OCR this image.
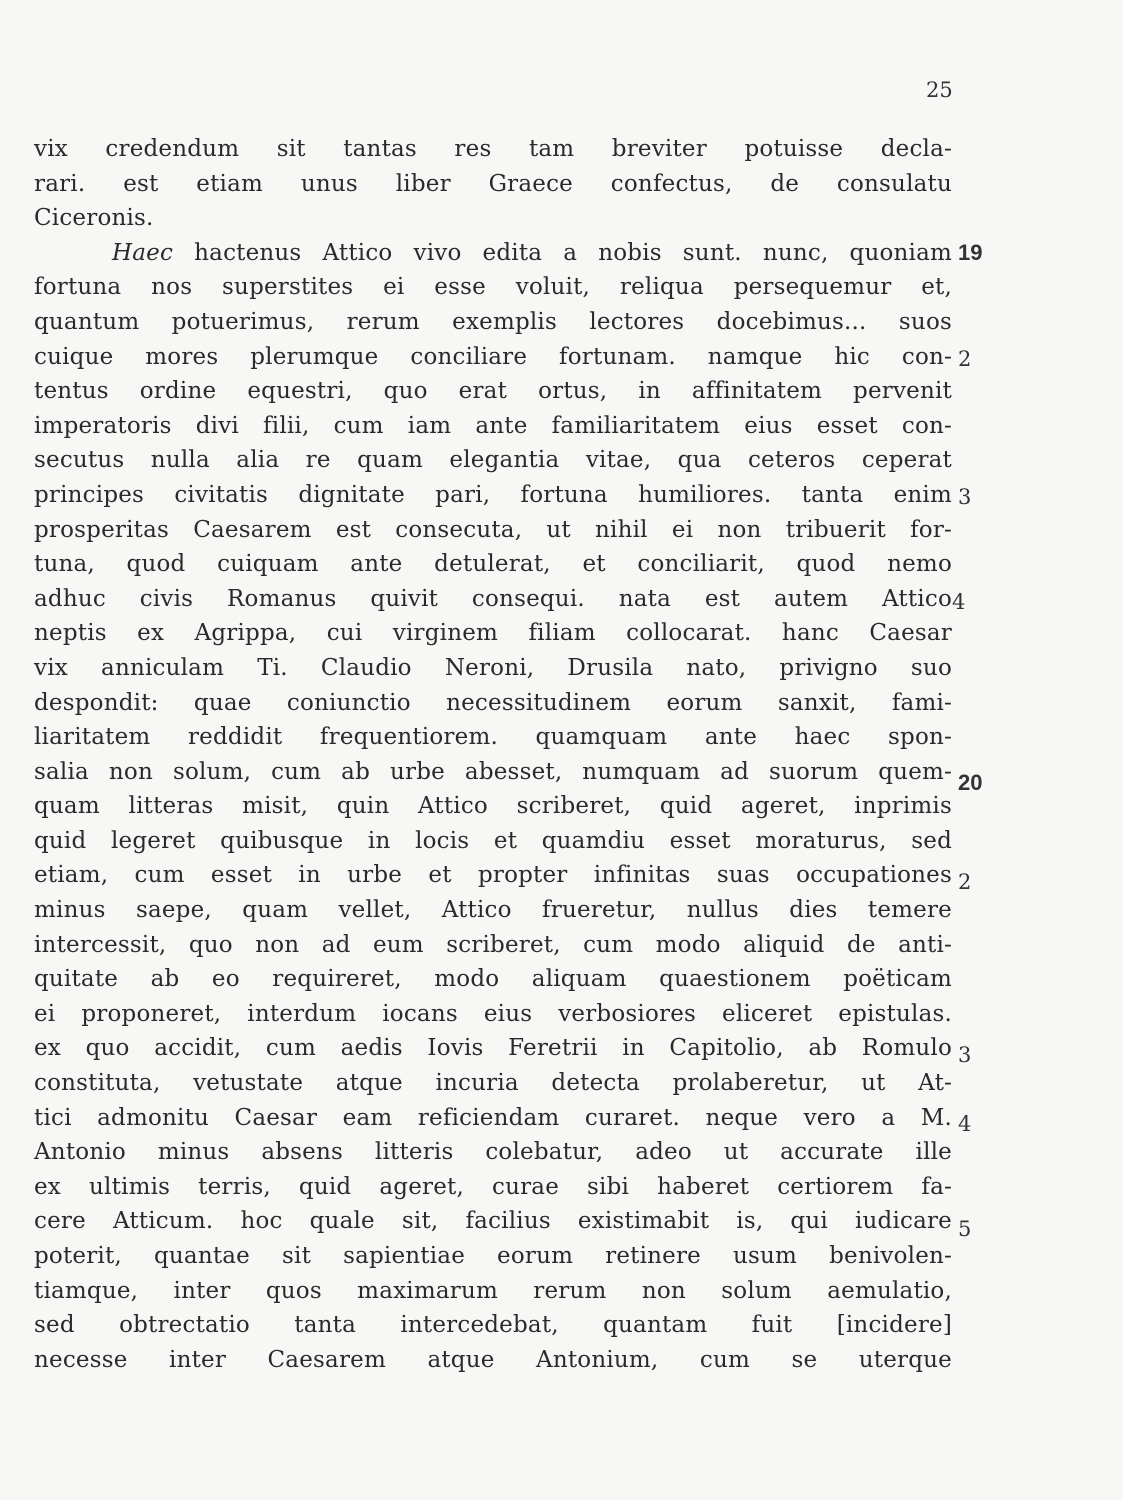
25
vix credendum sit tantas res tam breviter potuisse decla-
rari. est etiam unus liber Graece confectus, de consulatu
Ciceronis.
Haec hactenus Attico vivo edita a nobis sunt. nunc, quoniam
fortuna nos superstites ei esse voluit, reliqua persequemur et,
quantum potuerimus, rerum exemplis lectores docebimus... suos
cuique mores plerumque conciliare fortunam. namque hic con-
tentus ordine equestri, quo erat ortus, in affinitatem pervenit
imperatoris divi filii, cum iam ante familiaritatem eius esset con-
secutus nulla alia re quam elegantia vitae, qua ceteros ceperat
principes civitatis dignitate pari, fortuna humiliores. tanta enim
prosperitas Caesarem est consecuta, ut nihil ei non tribuerit for-
tuna, quod cuiquam ante detulerat, et conciliarit, quod nemo
adhuc civis Romanus quivit consequi. nata est autem Attico
neptis ex Agrippa, cui virginem filiam collocarat. hanc Caesar
vix anniculam Ti. Claudio Neroni, Drusila nato, privigno suo
despondit: quae coniunctio necessitudinem eorum sanxit, fami-
liaritatem reddidit frequentiorem. quamquam ante haec spon-
salia non solum, cum ab urbe abesset, numquam ad suorum quem-
quam litteras misit, quin Attico scriberet, quid ageret, inprimis
quid legeret quibusque in locis et quamdiu esset moraturus, sed
etiam, cum esset in urbe et propter infinitas suas occupationes
minus saepe, quam vellet, Attico frueretur, nullus dies temere
intercessit, quo non ad eum scriberet, cum modo aliquid de anti-
quitate ab eo requireret, modo aliquam quaestionem poëticam
ei proponeret, interdum iocans eius verbosiores eliceret epistulas.
ex quo accidit, cum aedis Iovis Feretrii in Capitolio, ab Romulo
constituta, vetustate atque incuria detecta prolaberetur, ut At-
tici admonitu Caesar eam reficiendam curaret. neque vero a M.
Antonio minus absens litteris colebatur, adeo ut accurate ille
ex ultimis terris, quid ageret, curae sibi haberet certiorem fa-
cere Atticum. hoc quale sit, facilius existimabit is, qui iudicare
poterit, quantae sit sapientiae eorum retinere usum benivolen-
tiamque, inter quos maximarum rerum non solum aemulatio,
sed obtrectatio tanta intercedebat, quantam fuit [incidere]
necesse inter Caesarem atque Antonium, cum se uterque
19
2
3
4
20
2
3
4
5
